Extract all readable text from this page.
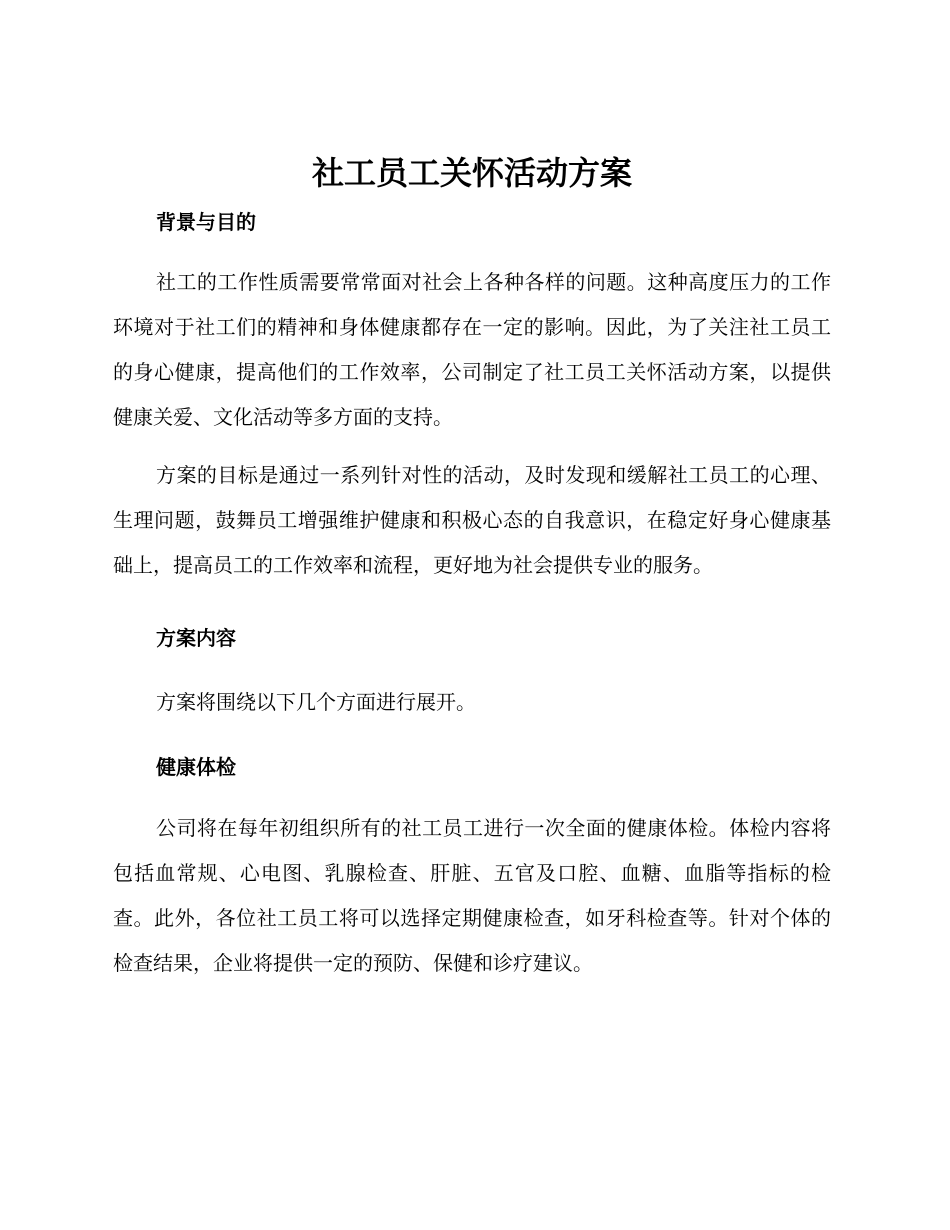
社工员工关怀活动方案
背景与目的

社工的工作性质需要常常面对社会上各种各样的问题。这种高度压力的工作环境对于社工们的精神和身体健康都存在一定的影响。因此，为了关注社工员工的身心健康，提高他们的工作效率，公司制定了社工员工关怀活动方案，以提供健康关爱、文化活动等多方面的支持。

方案的目标是通过一系列针对性的活动，及时发现和缓解社工员工的心理、生理问题，鼓舞员工增强维护健康和积极心态的自我意识，在稳定好身心健康基础上，提高员工的工作效率和流程，更好地为社会提供专业的服务。

方案内容

方案将围绕以下几个方面进行展开。

健康体检

公司将在每年初组织所有的社工员工进行一次全面的健康体检。体检内容将包括血常规、心电图、乳腺检查、肝脏、五官及口腔、血糖、血脂等指标的检查。此外，各位社工员工将可以选择定期健康检查，如牙科检查等。针对个体的检查结果，企业将提供一定的预防、保健和诊疗建议。
